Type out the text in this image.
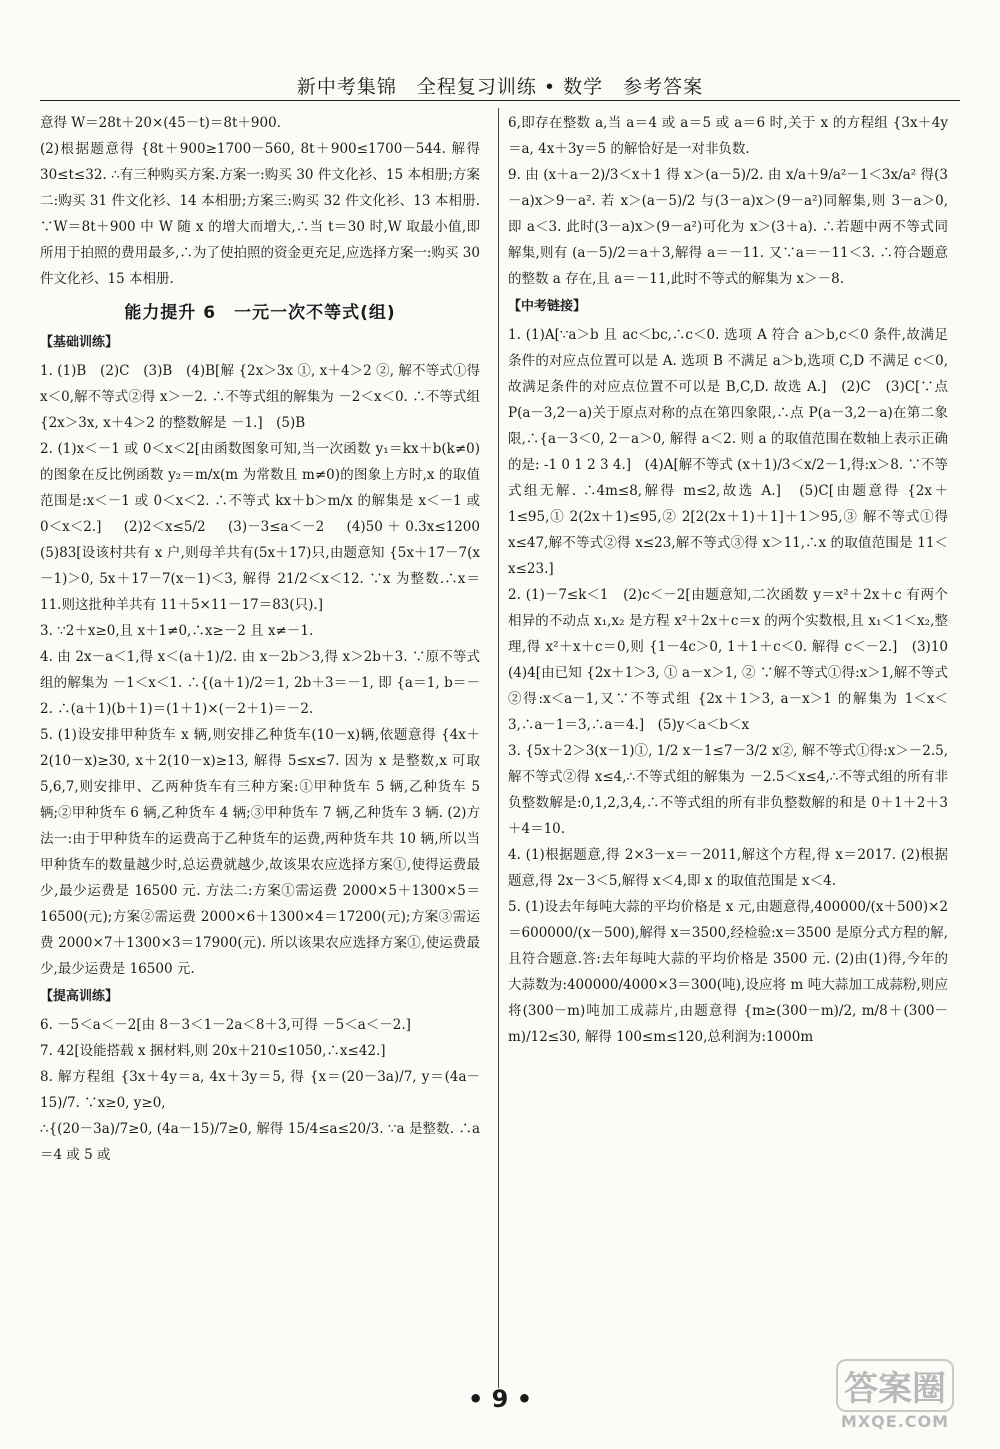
新中考集锦　全程复习训练 • 数学　参考答案

意得 W＝28t＋20×(45－t)＝8t＋900.

(2)根据题意得 {8t＋900≥1700－560, 8t＋900≤1700－544. 解得 30≤t≤32. ∴有三种购买方案.方案一:购买 30 件文化衫、15 本相册;方案二:购买 31 件文化衫、14 本相册;方案三:购买 32 件文化衫、13 本相册. ∵W＝8t＋900 中 W 随 x 的增大而增大,∴当 t＝30 时,W 取最小值,即所用于拍照的费用最多,∴为了使拍照的资金更充足,应选择方案一:购买 30 件文化衫、15 本相册.

能力提升 6　一元一次不等式(组)
【基础训练】

1. (1)B　(2)C　(3)B　(4)B[解 {2x＞3x ①, x＋4＞2 ②, 解不等式①得 x＜0,解不等式②得 x＞－2. ∴不等式组的解集为 －2＜x＜0. ∴不等式组 {2x＞3x, x＋4＞2 的整数解是 －1.]　(5)B

2. (1)x＜－1 或 0＜x＜2[由函数图象可知,当一次函数 y₁＝kx＋b(k≠0)的图象在反比例函数 y₂＝m/x(m 为常数且 m≠0)的图象上方时,x 的取值范围是:x＜－1 或 0＜x＜2. ∴不等式 kx＋b＞m/x 的解集是 x＜－1 或 0＜x＜2.]　(2)2＜x≤5/2　(3)－3≤a＜－2　(4)50＋0.3x≤1200　(5)83[设该村共有 x 户,则母羊共有(5x＋17)只,由题意知 {5x＋17－7(x－1)＞0, 5x＋17－7(x－1)＜3, 解得 21/2＜x＜12. ∵x 为整数.∴x＝11.则这批种羊共有 11＋5×11－17＝83(只).]

3. ∵2＋x≥0,且 x＋1≠0,∴x≥－2 且 x≠－1.

4. 由 2x－a＜1,得 x＜(a＋1)/2. 由 x－2b＞3,得 x＞2b＋3. ∵原不等式组的解集为 －1＜x＜1. ∴{(a＋1)/2＝1, 2b＋3＝－1, 即 {a＝1, b＝－2. ∴(a＋1)(b＋1)＝(1＋1)×(－2＋1)＝－2.

5. (1)设安排甲种货车 x 辆,则安排乙种货车(10－x)辆,依题意得 {4x＋2(10－x)≥30, x＋2(10－x)≥13, 解得 5≤x≤7. 因为 x 是整数,x 可取 5,6,7,则安排甲、乙两种货车有三种方案:①甲种货车 5 辆,乙种货车 5 辆;②甲种货车 6 辆,乙种货车 4 辆;③甲种货车 7 辆,乙种货车 3 辆. (2)方法一:由于甲种货车的运费高于乙种货车的运费,两种货车共 10 辆,所以当甲种货车的数量越少时,总运费就越少,故该果农应选择方案①,使得运费最少,最少运费是 16500 元. 方法二:方案①需运费 2000×5＋1300×5＝16500(元);方案②需运费 2000×6＋1300×4＝17200(元);方案③需运费 2000×7＋1300×3＝17900(元). 所以该果农应选择方案①,使运费最少,最少运费是 16500 元.

【提高训练】

6. －5＜a＜－2[由 8－3＜1－2a＜8＋3,可得 －5＜a＜－2.]

7. 42[设能搭载 x 捆材料,则 20x＋210≤1050,∴x≤42.]

8. 解方程组 {3x＋4y＝a, 4x＋3y＝5, 得 {x＝(20－3a)/7, y＝(4a－15)/7. ∵x≥0, y≥0,

∴{(20－3a)/7≥0, (4a－15)/7≥0, 解得 15/4≤a≤20/3. ∵a 是整数. ∴a＝4 或 5 或

6,即存在整数 a,当 a＝4 或 a＝5 或 a＝6 时,关于 x 的方程组 {3x＋4y＝a, 4x＋3y＝5 的解恰好是一对非负数.

9. 由 (x＋a－2)/3＜x＋1 得 x＞(a－5)/2. 由 x/a＋9/a²－1＜3x/a² 得(3－a)x＞9－a². 若 x＞(a－5)/2 与(3－a)x＞(9－a²)同解集,则 3－a＞0,即 a＜3. 此时(3－a)x＞(9－a²)可化为 x＞(3＋a). ∴若题中两不等式同解集,则有 (a－5)/2＝a＋3,解得 a＝－11. 又∵a＝－11＜3. ∴符合题意的整数 a 存在,且 a＝－11,此时不等式的解集为 x＞－8.

【中考链接】

1. (1)A[∵a＞b 且 ac＜bc,∴c＜0. 选项 A 符合 a＞b,c＜0 条件,故满足条件的对应点位置可以是 A. 选项 B 不满足 a＞b,选项 C,D 不满足 c＜0,故满足条件的对应点位置不可以是 B,C,D. 故选 A.]　(2)C　(3)C[∵点 P(a－3,2－a)关于原点对称的点在第四象限,∴点 P(a－3,2－a)在第二象限,∴{a－3＜0, 2－a＞0, 解得 a＜2. 则 a 的取值范围在数轴上表示正确的是: -1 0 1 2 3 4.]　(4)A[解不等式 (x＋1)/3＜x/2－1,得:x＞8. ∵不等式组无解. ∴4m≤8,解得 m≤2,故选 A.]　(5)C[由题意得 {2x＋1≤95,① 2(2x＋1)≤95,② 2[2(2x＋1)＋1]＋1＞95,③ 解不等式①得 x≤47,解不等式②得 x≤23,解不等式③得 x＞11,∴x 的取值范围是 11＜x≤23.]

2. (1)－7≤k＜1　(2)c＜－2[由题意知,二次函数 y＝x²＋2x＋c 有两个相异的不动点 x₁,x₂ 是方程 x²＋2x＋c＝x 的两个实数根,且 x₁＜1＜x₂,整理,得 x²＋x＋c＝0,则 {1－4c＞0, 1＋1＋c＜0. 解得 c＜－2.]　(3)10　(4)4[由已知 {2x＋1＞3, ① a－x＞1, ② ∵解不等式①得:x＞1,解不等式②得:x＜a－1,又∵不等式组 {2x＋1＞3, a－x＞1 的解集为 1＜x＜3,∴a－1＝3,∴a＝4.]　(5)y＜a＜b＜x

3. {5x＋2＞3(x－1)①, 1/2 x－1≤7－3/2 x②, 解不等式①得:x＞－2.5,解不等式②得 x≤4,∴不等式组的解集为 －2.5＜x≤4,∴不等式组的所有非负整数解是:0,1,2,3,4,∴不等式组的所有非负整数解的和是 0＋1＋2＋3＋4＝10.

4. (1)根据题意,得 2×3－x＝－2011,解这个方程,得 x＝2017. (2)根据题意,得 2x－3＜5,解得 x＜4,即 x 的取值范围是 x＜4.

5. (1)设去年每吨大蒜的平均价格是 x 元,由题意得,400000/(x＋500)×2＝600000/(x－500),解得 x＝3500,经检验:x＝3500 是原分式方程的解,且符合题意.答:去年每吨大蒜的平均价格是 3500 元. (2)由(1)得,今年的大蒜数为:400000/4000×3＝300(吨),设应将 m 吨大蒜加工成蒜粉,则应将(300－m)吨加工成蒜片,由题意得 {m≥(300－m)/2, m/8＋(300－m)/12≤30, 解得 100≤m≤120,总利润为:1000m

• 9 •	答案圈
MXQE.COM
